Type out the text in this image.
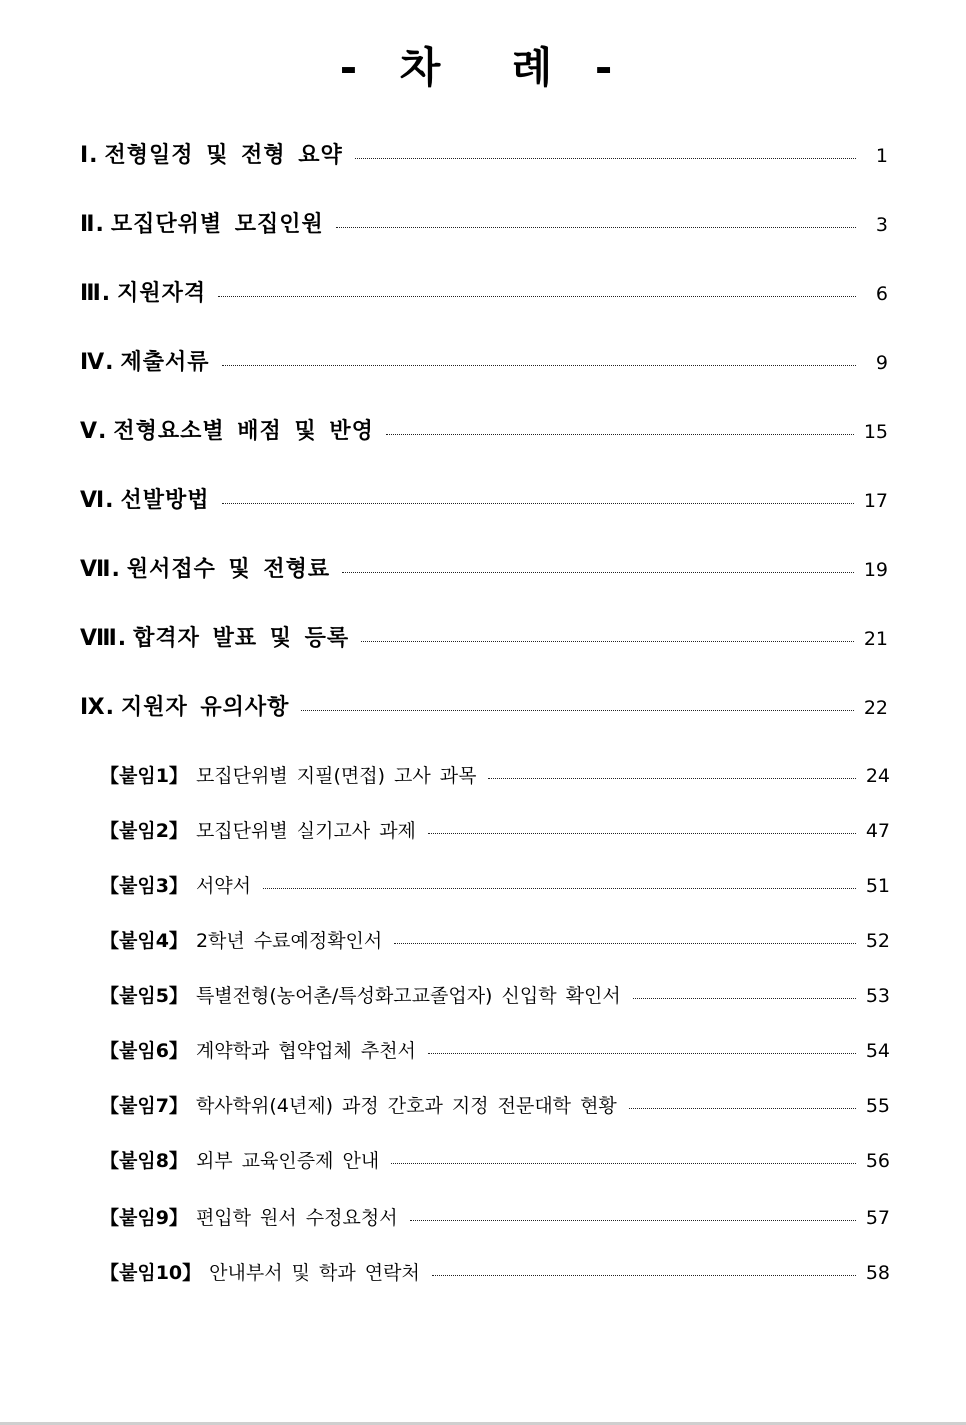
- 차  례 -
Ⅰ. 전형일정 및 전형 요약	1
Ⅱ. 모집단위별 모집인원	3
Ⅲ. 지원자격	6
Ⅳ. 제출서류	9
Ⅴ. 전형요소별 배점 및 반영	15
Ⅵ. 선발방법	17
Ⅶ. 원서접수 및 전형료	19
Ⅷ. 합격자 발표 및 등록	21
Ⅸ. 지원자 유의사항	22
【붙임1】 모집단위별 지필(면접) 고사 과목	24
【붙임2】 모집단위별 실기고사 과제	47
【붙임3】 서약서	51
【붙임4】 2학년 수료예정확인서	52
【붙임5】 특별전형(농어촌/특성화고교졸업자) 신입학 확인서	53
【붙임6】 계약학과 협약업체 추천서	54
【붙임7】 학사학위(4년제) 과정 간호과 지정 전문대학 현황	55
【붙임8】 외부 교육인증제 안내	56
【붙임9】 편입학 원서 수정요청서	57
【붙임10】 안내부서 및 학과 연락처	58
